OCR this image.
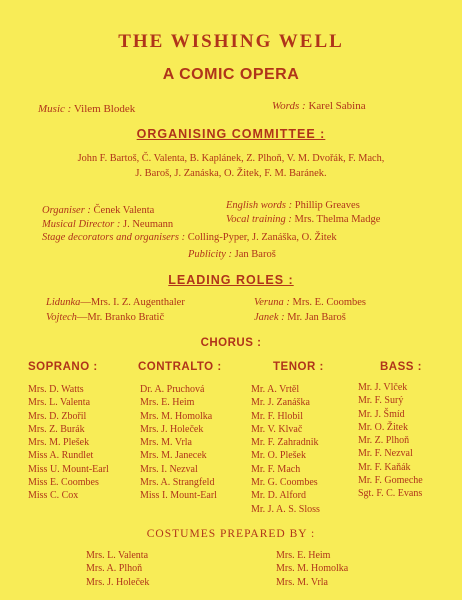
THE WISHING WELL
A COMIC OPERA
Music : Vilem Blodek	Words : Karel Sabina
ORGANISING COMMITTEE :
John F. Bartoš, Č. Valenta, B. Kaplánek, Z. Plhoň, V. M. Dvořák, F. Mach,
J. Baroš, J. Zanáska, O. Žitek, F. M. Baránek.
Organiser : Čenek Valenta	English words : Phillip Greaves
Musical Director : J. Neumann	Vocal training : Mrs. Thelma Madge
Stage decorators and organisers : Colling-Pyper, J. Zanáška, O. Žitek
Publicity : Jan Baroš
LEADING ROLES :
Lidunka—Mrs. I. Z. Augenthaler	Veruna : Mrs. E. Coombes
Vojtech—Mr. Branko Bratič	Janek : Mr. Jan Baroš
CHORUS :
SOPRANO :
Mrs. D. Watts
Mrs. L. Valenta
Mrs. D. Zbořil
Mrs. Z. Burák
Mrs. M. Plešek
Miss A. Rundlet
Miss U. Mount-Earl
Miss E. Coombes
Miss C. Cox
CONTRALTO :
Dr. A. Pruchová
Mrs. E. Heim
Mrs. M. Homolka
Mrs. J. Holeček
Mrs. M. Vrla
Mrs. M. Janecek
Mrs. I. Nezval
Mrs. A. Strangfeld
Miss I. Mount-Earl
TENOR :
Mr. A. Vrtěl
Mr. J. Zanáška
Mr. F. Hlobil
Mr. V. Klvač
Mr. F. Zahradnik
Mr. O. Plešek
Mr. F. Mach
Mr. G. Coombes
Mr. D. Alford
Mr. J. A. S. Sloss
BASS :
Mr. J. Vlček
Mr. F. Surý
Mr. J. Šmíd
Mr. O. Žitek
Mr. Z. Plhoň
Mr. F. Nezval
Mr. F. Kaňák
Mr. F. Gomeche
Sgt. F. C. Evans
COSTUMES PREPARED BY :
Mrs. L. Valenta
Mrs. A. Plhoň
Mrs. J. Holeček
Mrs. E. Heim
Mrs. M. Homolka
Mrs. M. Vrla
